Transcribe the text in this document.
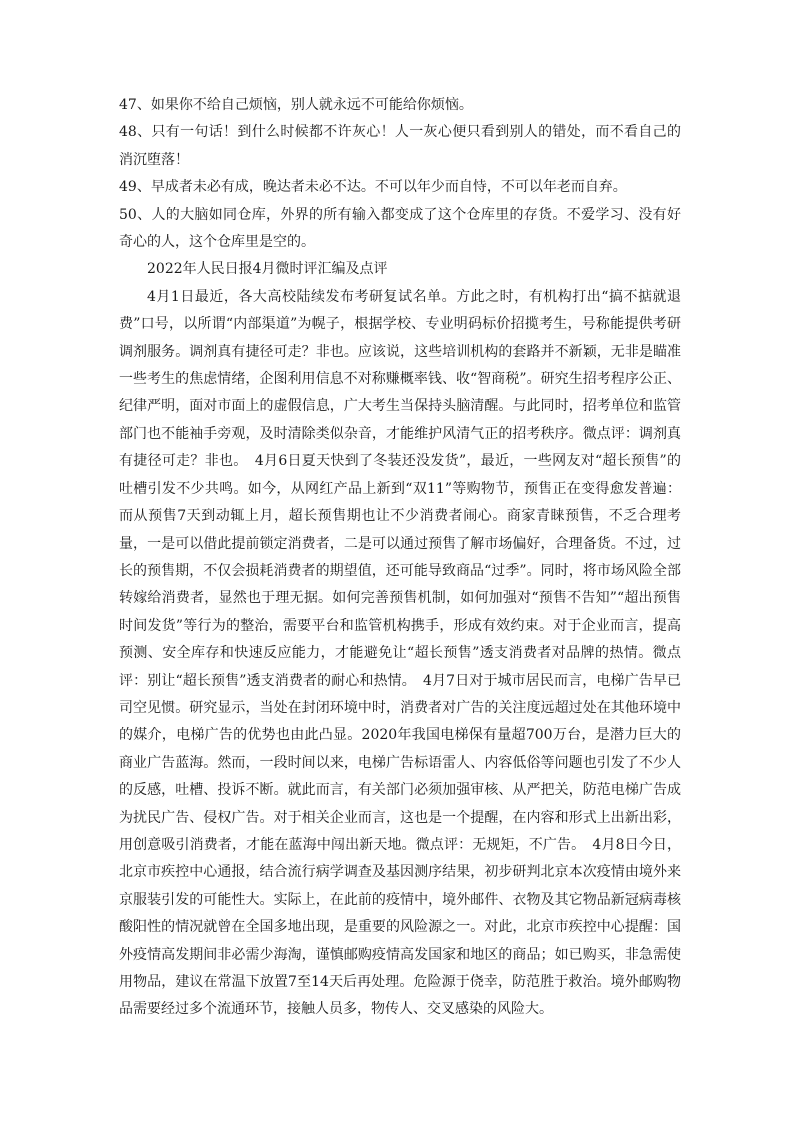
47、如果你不给自己烦恼，别人就永远不可能给你烦恼。

48、只有一句话！到什么时候都不许灰心！人一灰心便只看到别人的错处，而不看自己的消沉堕落！

49、早成者未必有成，晚达者未必不达。不可以年少而自恃，不可以年老而自弃。

50、人的大脑如同仓库，外界的所有输入都变成了这个仓库里的存货。不爱学习、没有好奇心的人，这个仓库里是空的。

2022年人民日报4月微时评汇编及点评

4月1日最近，各大高校陆续发布考研复试名单。方此之时，有机构打出“搞不掂就退费”口号，以所谓“内部渠道”为幌子，根据学校、专业明码标价招揽考生，号称能提供考研调剂服务。调剂真有捷径可走？非也。应该说，这些培训机构的套路并不新颖，无非是瞄准一些考生的焦虑情绪，企图利用信息不对称赚概率钱、收“智商税”。研究生招考程序公正、纪律严明，面对市面上的虚假信息，广大考生当保持头脑清醒。与此同时，招考单位和监管部门也不能袖手旁观，及时清除类似杂音，才能维护风清气正的招考秩序。微点评：调剂真有捷径可走？非也。　4月6日夏天快到了冬装还没发货”，最近，一些网友对“超长预售”的吐槽引发不少共鸣。如今，从网红产品上新到“双11”等购物节，预售正在变得愈发普遍：而从预售7天到动辄上月，超长预售期也让不少消费者闹心。商家青睐预售，不乏合理考量，一是可以借此提前锁定消费者，二是可以通过预售了解市场偏好，合理备货。不过，过长的预售期，不仅会损耗消费者的期望值，还可能导致商品“过季”。同时，将市场风险全部转嫁给消费者，显然也于理无据。如何完善预售机制，如何加强对“预售不告知”“超出预售时间发货”等行为的整治，需要平台和监管机构携手，形成有效约束。对于企业而言，提高预测、安全库存和快速反应能力，才能避免让“超长预售”透支消费者对品牌的热情。微点评：别让“超长预售”透支消费者的耐心和热情。　4月7日对于城市居民而言，电梯广告早已司空见惯。研究显示，当处在封闭环境中时，消费者对广告的关注度远超过处在其他环境中的媒介，电梯广告的优势也由此凸显。2020年我国电梯保有量超700万台，是潜力巨大的商业广告蓝海。然而，一段时间以来，电梯广告标语雷人、内容低俗等问题也引发了不少人的反感，吐槽、投诉不断。就此而言，有关部门必须加强审核、从严把关，防范电梯广告成为扰民广告、侵权广告。对于相关企业而言，这也是一个提醒，在内容和形式上出新出彩，用创意吸引消费者，才能在蓝海中闯出新天地。微点评：无规矩，不广告。　4月8日今日，北京市疾控中心通报，结合流行病学调查及基因测序结果，初步研判北京本次疫情由境外来京服装引发的可能性大。实际上，在此前的疫情中，境外邮件、衣物及其它物品新冠病毒核酸阳性的情况就曾在全国多地出现，是重要的风险源之一。对此，北京市疾控中心提醒：国外疫情高发期间非必需少海淘，谨慎邮购疫情高发国家和地区的商品；如已购买，非急需使用物品，建议在常温下放置7至14天后再处理。危险源于侥幸，防范胜于救治。境外邮购物品需要经过多个流通环节，接触人员多，物传人、交叉感染的风险大。
